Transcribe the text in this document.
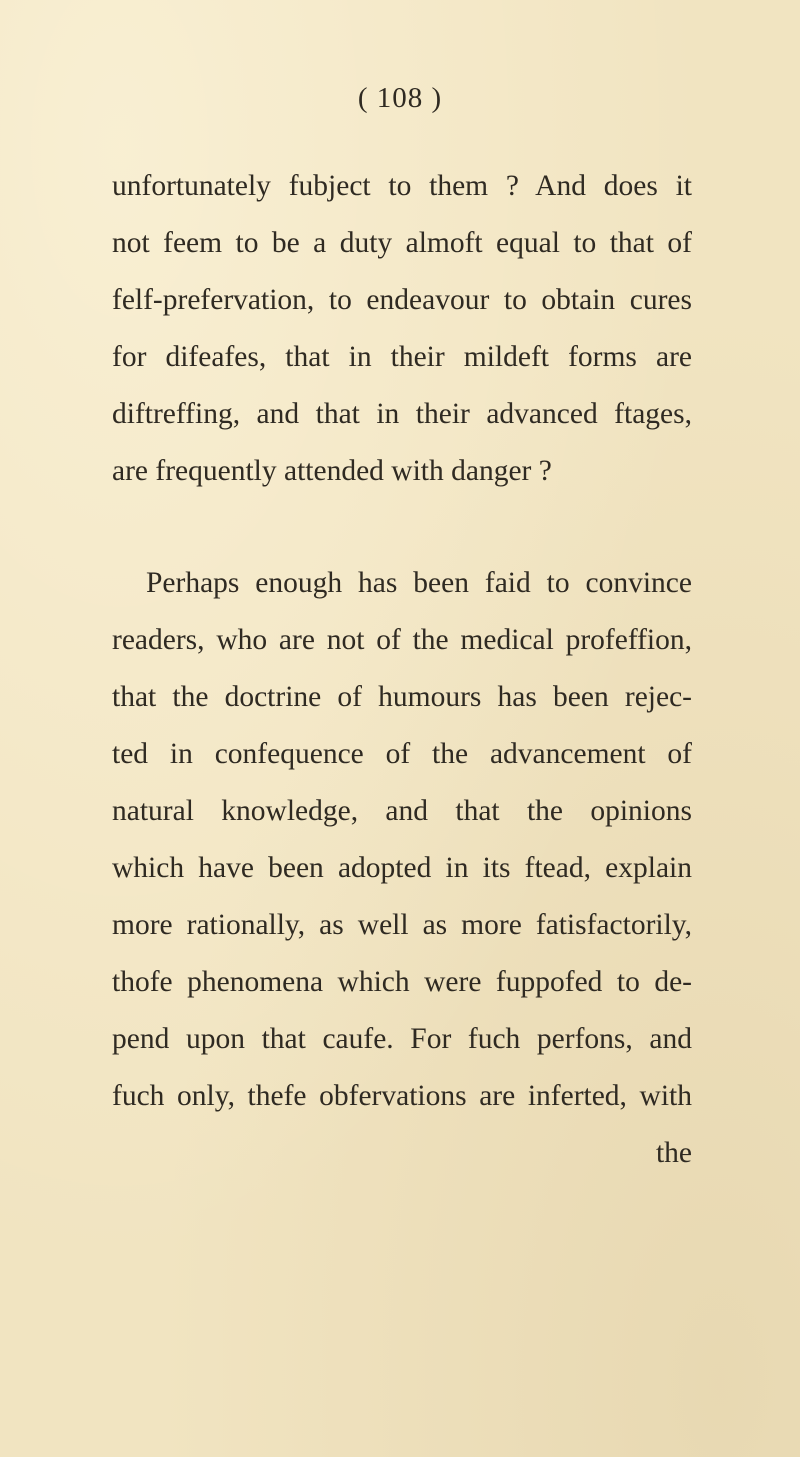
( 108 )
unfortunately fubject to them ? And does it
not feem to be a duty almoft equal to that of
felf-prefervation, to endeavour to obtain cures
for difeafes, that in their mildeft forms are
diftreffing, and that in their advanced ftages,
are frequently attended with danger ?
Perhaps enough has been faid to convince
readers, who are not of the medical profeffion,
that the doctrine of humours has been rejec-
ted in confequence of the advancement of
natural knowledge, and that the opinions
which have been adopted in its ftead, explain
more rationally, as well as more fatisfactorily,
thofe phenomena which were fuppofed to de-
pend upon that caufe. For fuch perfons, and
fuch only, thefe obfervations are inferted, with
the
